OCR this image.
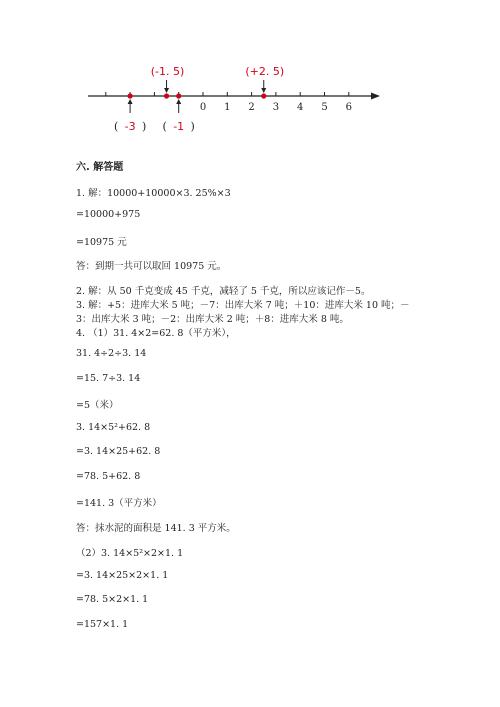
0 1 2 3 4 5 6
(-1. 5)	(+2. 5)
( -3 ) ( -1 )
六. 解答题
1. 解：10000+10000×3. 25%×3
=10000+975
=10975 元
答：到期一共可以取回 10975 元。
2. 解：从 50 千克变成 45 千克，减轻了 5 千克，所以应该记作－5。
3. 解：+5：进库大米 5 吨；－7：出库大米 7 吨；＋10：进库大米 10 吨；－
3：出库大米 3 吨；－2：出库大米 2 吨；＋8：进库大米 8 吨。
4. （1）31. 4×2=62. 8（平方米），
31. 4÷2÷3. 14
=15. 7÷3. 14
=5（米）
3. 14×5²+62. 8
=3. 14×25+62. 8
=78. 5+62. 8
=141. 3（平方米）
答：抹水泥的面积是 141. 3 平方米。
（2）3. 14×5²×2×1. 1
=3. 14×25×2×1. 1
=78. 5×2×1. 1
=157×1. 1
